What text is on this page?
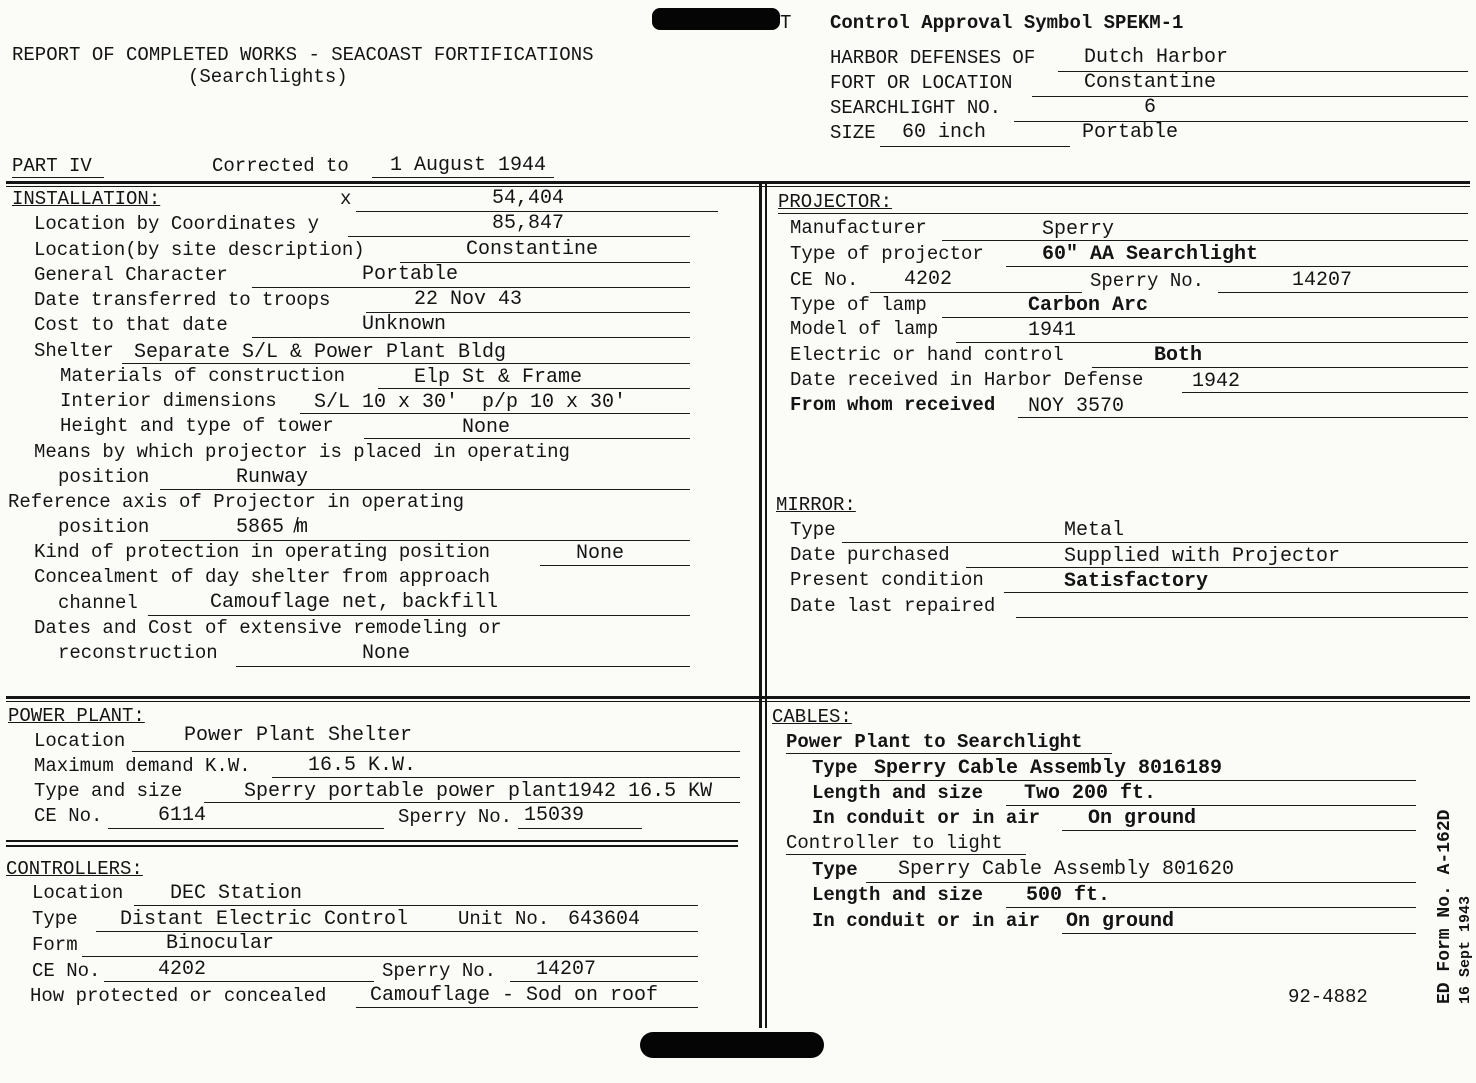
T Control Approval Symbol SPEKM-1
REPORT OF COMPLETED WORKS - SEACOAST FORTIFICATIONS
(Searchlights)
HARBOR DEFENSES OF Dutch Harbor
FORT OR LOCATION	Constantine
SEARCHLIGHT NO.	6
SIZE 60 inch	Portable
PART IV	Corrected to 1 August 1944
INSTALLATION:	x	54,404
Location by Coordinates y	85,847
Location(by site description)	Constantine
General Character	Portable
Date transferred to troops	22 Nov 43
Cost to that date	Unknown
Shelter Separate S/L & Power Plant Bldg
Materials of construction	Elp St & Frame
Interior dimensions S/L 10 x 30'  p/p 10 x 30'
Height and type of tower	None
Means by which projector is placed in operating
position	Runway
Reference axis of Projector in operating
position	5865 ̸m
Kind of protection in operating position	None
Concealment of day shelter from approach
channel	Camouflage net, backfill
Dates and Cost of extensive remodeling or
reconstruction	None
PROJECTOR:
Manufacturer	Sperry
Type of projector	60" AA Searchlight
CE No. 4202	Sperry No.	14207
Type of lamp	Carbon Arc
Model of lamp	1941
Electric or hand control	Both
Date received in Harbor Defense 1942
From whom received NOY 3570
MIRROR:
Type	Metal
Date purchased	Supplied with Projector
Present condition	Satisfactory
Date last repaired
POWER PLANT:
Location	Power Plant Shelter
Maximum demand K.W.	16.5 K.W.
Type and size	Sperry portable power plant1942 16.5 KW
CE No.	6114	Sperry No. 15039
CONTROLLERS:
Location DEC Station
Type Distant Electric Control	Unit No. 643604
Form	Binocular
CE No.	4202	Sperry No. 14207
How protected or concealed Camouflage - Sod on roof
CABLES:
Power Plant to Searchlight
Type Sperry Cable Assembly 8016189
Length and size Two 200 ft.
In conduit or in air On ground
Controller to light
Type Sperry Cable Assembly 801620
Length and size 500 ft.
In conduit or in air On ground
92-4882	ED Form No. A-162D 16 Sept 1943
